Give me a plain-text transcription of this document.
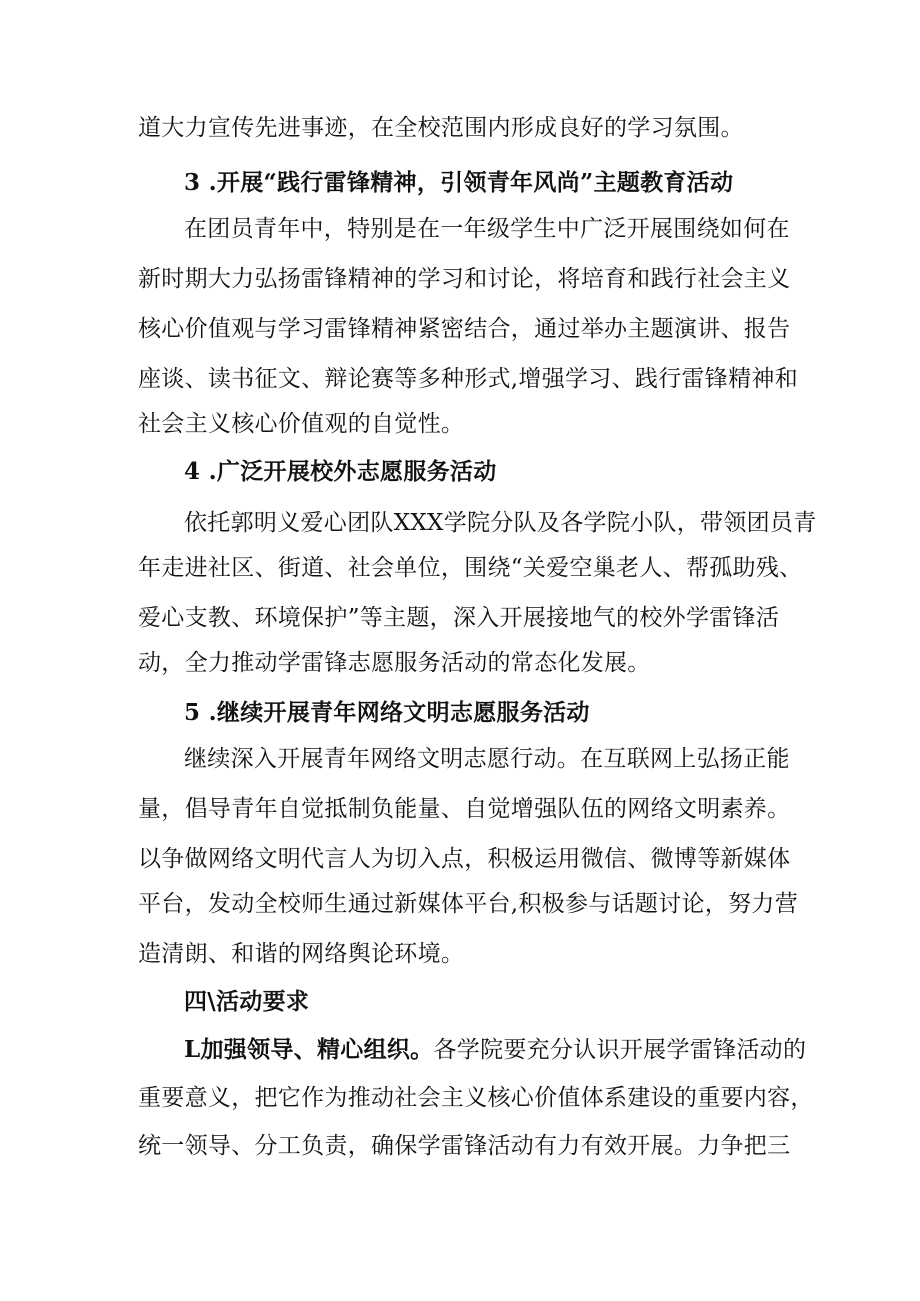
道大力宣传先进事迹，在全校范围内形成良好的学习氛围。
3 .开展“践行雷锋精神，引领青年风尚”主题教育活动
在团员青年中，特别是在一年级学生中广泛开展围绕如何在
新时期大力弘扬雷锋精神的学习和讨论，将培育和践行社会主义
核心价值观与学习雷锋精神紧密结合，通过举办主题演讲、报告
座谈、读书征文、辩论赛等多种形式,增强学习、践行雷锋精神和
社会主义核心价值观的自觉性。
4 .广泛开展校外志愿服务活动
依托郭明义爱心团队XXX学院分队及各学院小队，带领团员青
年走进社区、街道、社会单位，围绕“关爱空巢老人、帮孤助残、
爱心支教、环境保护”等主题，深入开展接地气的校外学雷锋活
动，全力推动学雷锋志愿服务活动的常态化发展。
5 .继续开展青年网络文明志愿服务活动
继续深入开展青年网络文明志愿行动。在互联网上弘扬正能
量，倡导青年自觉抵制负能量、自觉增强队伍的网络文明素养。
以争做网络文明代言人为切入点，积极运用微信、微博等新媒体
平台，发动全校师生通过新媒体平台,积极参与话题讨论，努力营
造清朗、和谐的网络舆论环境。
四\活动要求
L加强领导、精心组织。各学院要充分认识开展学雷锋活动的
重要意义，把它作为推动社会主义核心价值体系建设的重要内容，
统一领导、分工负责，确保学雷锋活动有力有效开展。力争把三
